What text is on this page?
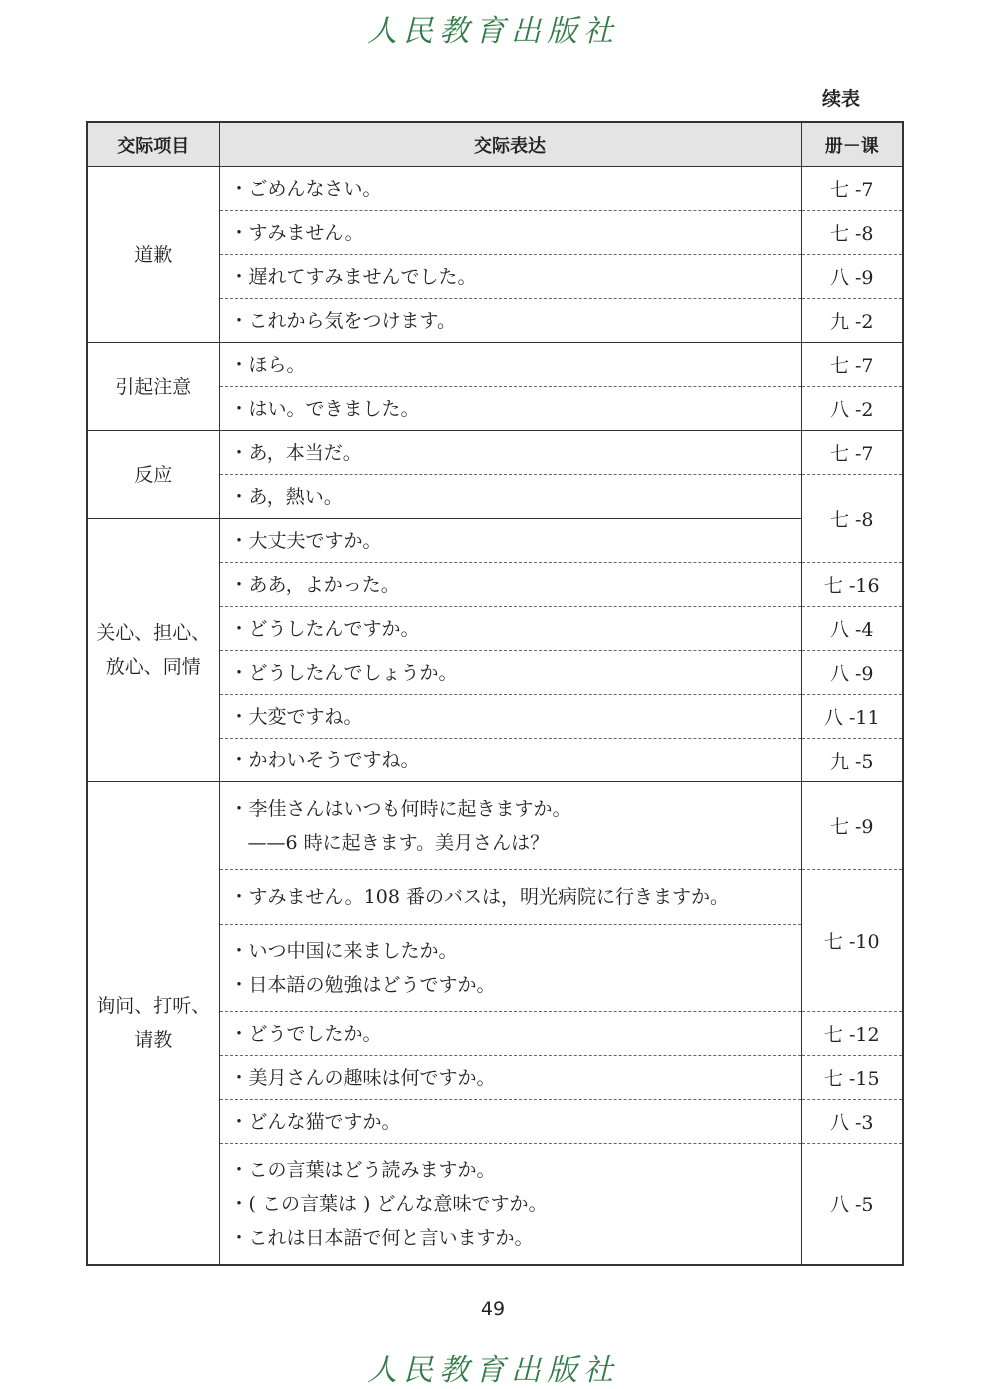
人民教育出版社
续表
交际项目	交际表达	册－课
道歉	・ごめんなさい。	七 -7

	・すみません。	七 -8

	・遅れてすみませんでした。	八 -9

	・これから気をつけます。	九 -2
引起注意	・ほら。	七 -7

	・はい。できました。	八 -2
反应	・あ，本当だ。	七 -7

	・あ，熱い。	七 -8

关心、担心、
放心、同情	・大丈夫ですか。	

	・ああ，よかった。	七 -16

	・どうしたんですか。	八 -4

	・どうしたんでしょうか。	八 -9

	・大変ですね。	八 -11

	・かわいそうですね。	九 -5

询问、打听、
请教	・李佳さんはいつも何時に起きますか。
——6 時に起きます。美月さんは？	七 -9

	・すみません。108 番のバスは，明光病院に行きますか。	七 -10

	・いつ中国に来ましたか。
・日本語の勉強はどうですか。	

	・どうでしたか。	七 -12

	・美月さんの趣味は何ですか。	七 -15

	・どんな猫ですか。	八 -3

	・この言葉はどう読みますか。
・( この言葉は ) どんな意味ですか。
・これは日本語で何と言いますか。	八 -5
49
人民教育出版社
